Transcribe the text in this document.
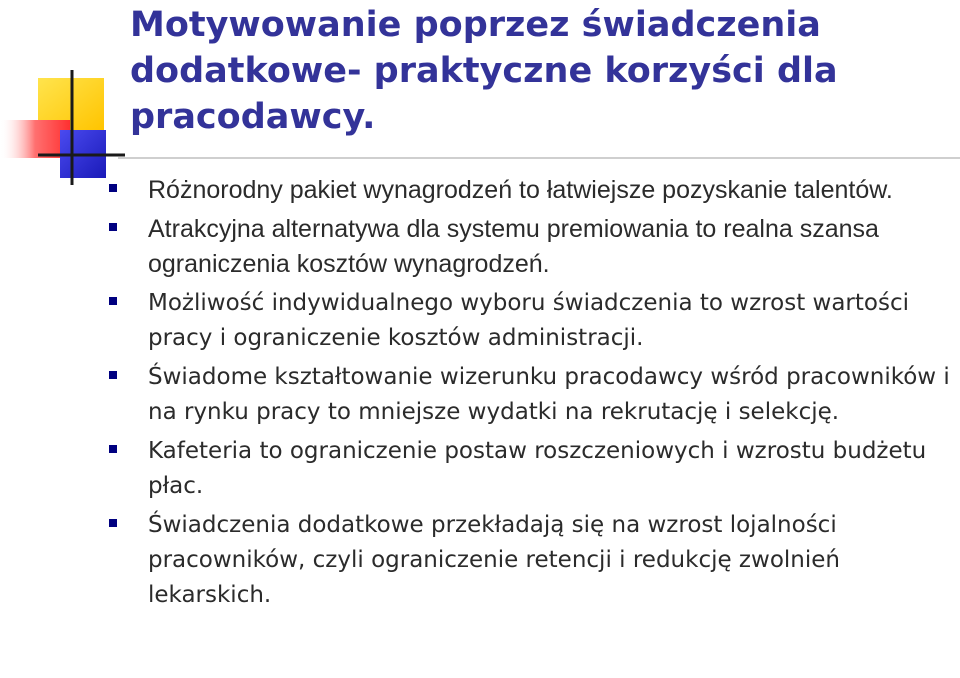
Motywowanie poprzez świadczenia dodatkowe- praktyczne korzyści dla pracodawcy.
Różnorodny pakiet wynagrodzeń to łatwiejsze pozyskanie talentów.
Atrakcyjna alternatywa dla systemu premiowania to realna szansa ograniczenia kosztów wynagrodzeń.
Możliwość indywidualnego wyboru świadczenia to wzrost wartości pracy i ograniczenie kosztów administracji.
Świadome kształtowanie wizerunku pracodawcy wśród pracowników i na rynku pracy to mniejsze wydatki na rekrutację i selekcję.
Kafeteria to ograniczenie postaw roszczeniowych i wzrostu budżetu płac.
Świadczenia dodatkowe przekładają się na wzrost lojalności pracowników, czyli ograniczenie retencji i redukcję zwolnień lekarskich.
